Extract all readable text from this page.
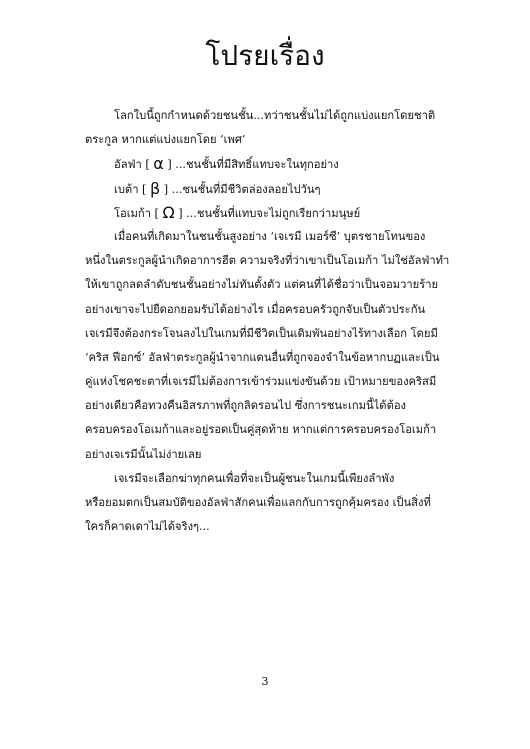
โปรยเรื่อง
โลกใบนี้ถูกกำหนดด้วยชนชั้น...ทว่าชนชั้นไม่ได้ถูกแบ่งแยกโดยชาติ
ตระกูล หากแต่แบ่งแยกโดย ‘เพศ’
อัลฟ่า [ α ] ...ชนชั้นที่มีสิทธิ์แทบจะในทุกอย่าง
เบต้า [ β ] ...ชนชั้นที่มีชีวิตล่องลอยไปวันๆ
โอเมก้า [ Ω ] ...ชนชั้นที่แทบจะไม่ถูกเรียกว่ามนุษย์
เมื่อคนที่เกิดมาในชนชั้นสูงอย่าง ‘เจเรมี เมอร์ซี’ บุตรชายโทนของ
หนึ่งในตระกูลผู้นำเกิดอาการฮีต ความจริงที่ว่าเขาเป็นโอเมก้า ไม่ใช่อัลฟ่าทำ
ให้เขาถูกลดลำดับชนชั้นอย่างไม่ทันตั้งตัว แต่คนที่ได้ชื่อว่าเป็นจอมวายร้าย
อย่างเขาจะไปยืดอกยอมรับได้อย่างไร เมื่อครอบครัวถูกจับเป็นตัวประกัน
เจเรมีจึงต้องกระโจนลงไปในเกมที่มีชีวิตเป็นเดิมพันอย่างไร้ทางเลือก โดยมี
‘คริส ฟีอกซ์’ อัลฟ่าตระกูลผู้นำจากแดนอื่นที่ถูกจองจำในข้อหากบฏและเป็น
คู่แห่งโชคชะตาที่เจเรมีไม่ต้องการเข้าร่วมแข่งขันด้วย เป้าหมายของคริสมี
อย่างเดียวคือทวงคืนอิสรภาพที่ถูกลิดรอนไป ซึ่งการชนะเกมนี้ได้ต้อง
ครอบครองโอเมก้าและอยู่รอดเป็นคู่สุดท้าย หากแต่การครอบครองโอเมก้า
อย่างเจเรมีนั้นไม่ง่ายเลย
เจเรมีจะเลือกฆ่าทุกคนเพื่อที่จะเป็นผู้ชนะในเกมนี้เพียงลำพัง
หรือยอมตกเป็นสมบัติของอัลฟ่าสักคนเพื่อแลกกับการถูกคุ้มครอง เป็นสิ่งที่
ใครก็คาดเดาไม่ได้จริงๆ...
3
